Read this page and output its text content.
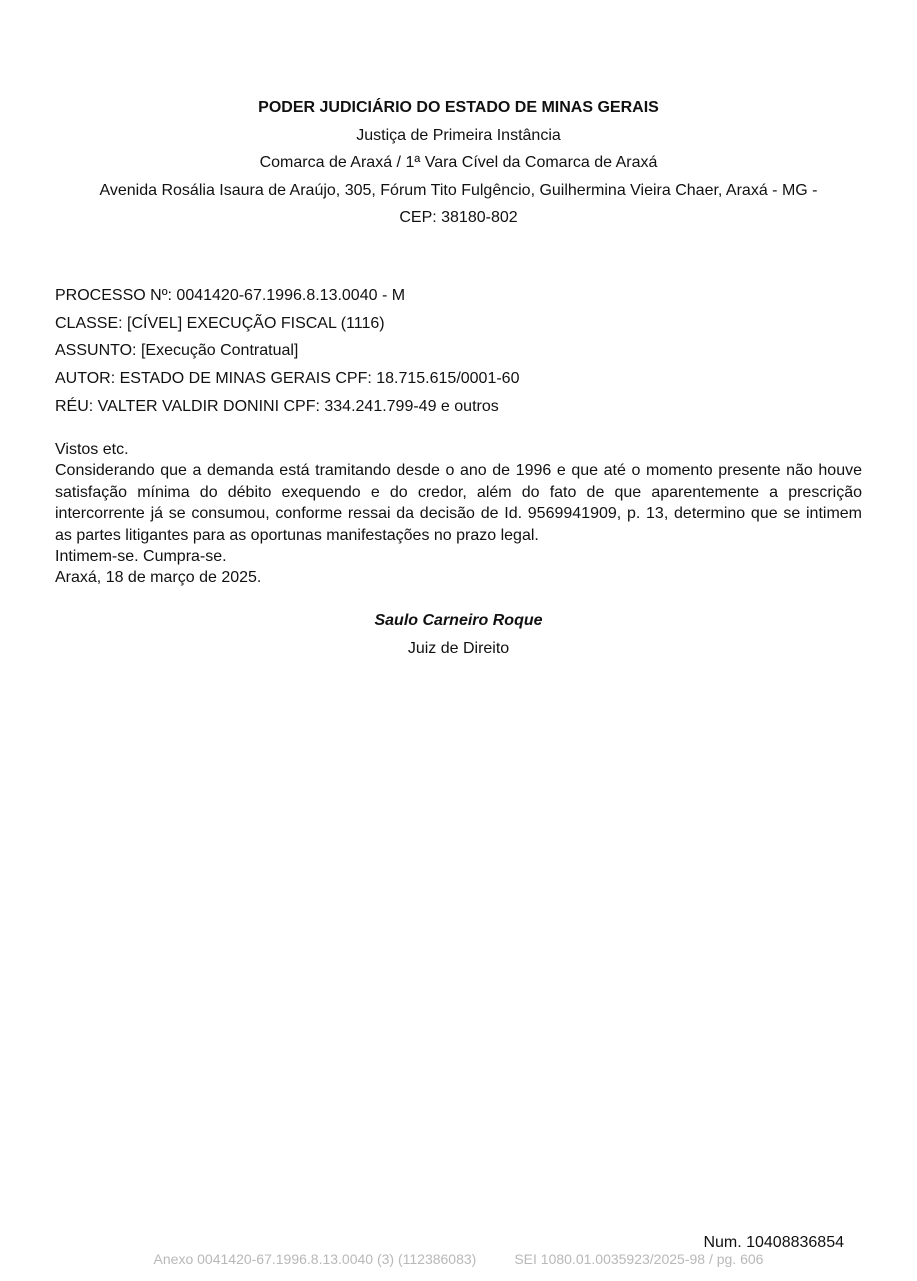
PODER JUDICIÁRIO DO ESTADO DE MINAS GERAIS
Justiça de Primeira Instância
Comarca de Araxá / 1ª Vara Cível da Comarca de Araxá
Avenida Rosália Isaura de Araújo, 305, Fórum Tito Fulgêncio, Guilhermina Vieira Chaer, Araxá - MG -
CEP: 38180-802
PROCESSO Nº: 0041420-67.1996.8.13.0040 - M
CLASSE: [CÍVEL] EXECUÇÃO FISCAL (1116)
ASSUNTO: [Execução Contratual]
AUTOR: ESTADO DE MINAS GERAIS CPF: 18.715.615/0001-60
RÉU: VALTER VALDIR DONINI CPF: 334.241.799-49 e outros

Vistos etc.

Considerando que a demanda está tramitando desde o ano de 1996 e que até o momento presente não houve satisfação mínima do débito exequendo e do credor, além do fato de que aparentemente a prescrição intercorrente já se consumou, conforme ressai da decisão de Id. 9569941909, p. 13, determino que se intimem as partes litigantes para as oportunas manifestações no prazo legal.

Intimem-se. Cumpra-se.

Araxá, 18 de março de 2025.

Saulo Carneiro Roque
Juiz de Direito
Num. 10408836854
Anexo 0041420-67.1996.8.13.0040 (3) (112386083)	SEI 1080.01.0035923/2025-98 / pg. 606
